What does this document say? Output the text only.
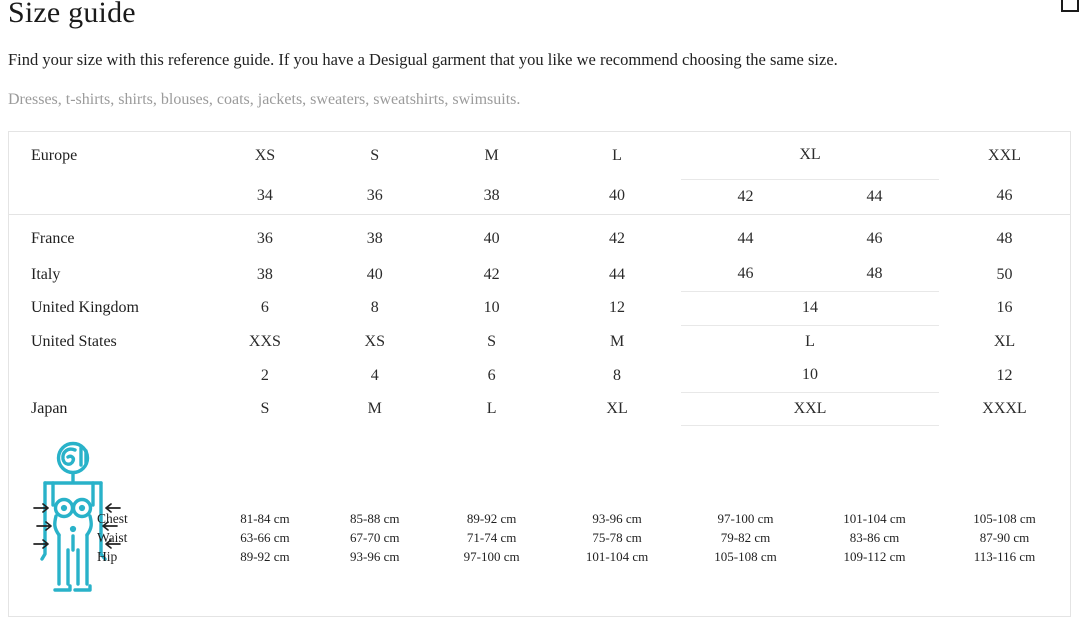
Size guide

Find your size with this reference guide. If you have a Desigual garment that you like we recommend choosing the same size.

Dresses, t-shirts, shirts, blouses, coats, jackets, sweaters, sweatshirts, swimsuits.

Europe	XS	S	M	L	XL		XXL
	34	36	38	40	42	44	46
France	36	38	40	42	44	46	48
Italy	38	40	42	44	46	48	50
United Kingdom	6	8	10	12	14		16
United States	XXS	XS	S	M	L		XL
	2	4	6	8	10		12
Japan	S	M	L	XL	XXL		XXXL
Chest	81-84 cm	85-88 cm	89-92 cm	93-96 cm	97-100 cm	101-104 cm	105-108 cm
Waist	63-66 cm	67-70 cm	71-74 cm	75-78 cm	79-82 cm	83-86 cm	87-90 cm
Hip	89-92 cm	93-96 cm	97-100 cm	101-104 cm	105-108 cm	109-112 cm	113-116 cm
